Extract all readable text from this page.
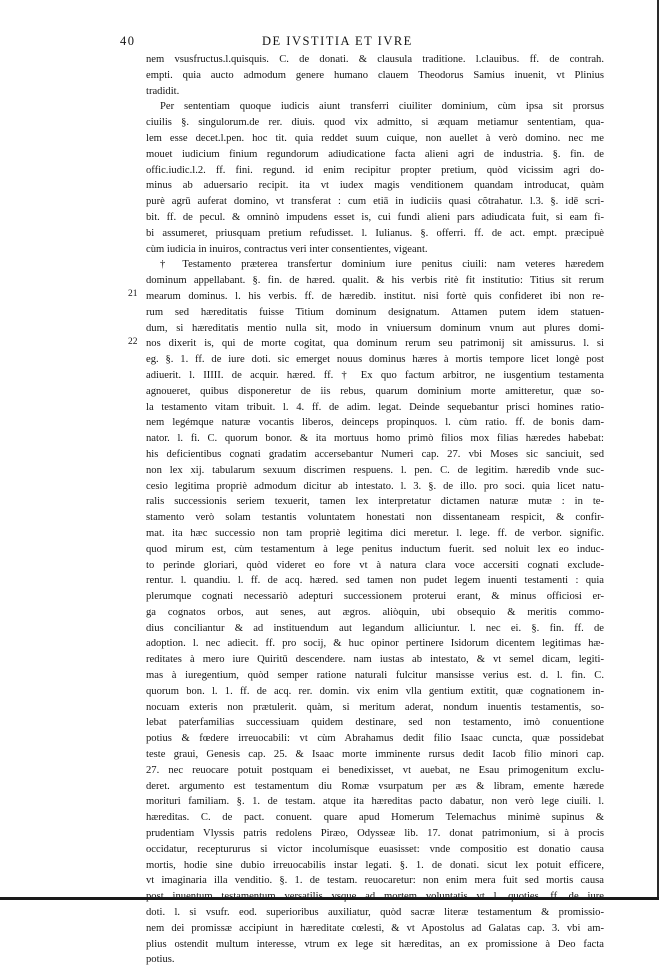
40	DE IVSTITIA ET IVRE
21
22
nem vsusfructus.l.quisquis. C. de donati. & clausula traditione. l.clauibus. ff. de contrah.
empti. quia aucto admodum genere humano clauem Theodorus Samius inuenit, vt Plinius
tradidit.
Per sententiam quoque iudicis aiunt transferri ciuiliter dominium, cùm ipsa sit prorsus
ciuilis §. singulorum.de rer. diuis. quod vix admitto, si æquam metiamur sententiam, qua-
lem esse decet.l.pen. hoc tit. quia reddet suum cuique, non auellet à verò domino. nec me
mouet iudicium finium regundorum adiudicatione facta alieni agri de industria. §. fin. de
offic.iudic.l.2. ff. fini. regund. id enim recipitur propter pretium, quòd vicissim agri do-
minus ab aduersario recipit. ita vt iudex magis venditionem quandam introducat, quàm
purè agrū auferat domino, vt transferat : cum etiā in iudiciis quasi cõtrahatur. l.3. §. idē scri-
bit. ff. de pecul. & omninò impudens esset is, cui fundi alieni pars adiudicata fuit, si eam fi-
bi assumeret, priusquam pretium refudisset. l. Iulianus. §. offerri. ff. de act. empt. præcipuè
cùm iudicia in inuiros, contractus veri inter consentientes, vigeant.
† Testamento præterea transfertur dominium iure penitus ciuili: nam veteres hæredem
dominum appellabant. §. fin. de hæred. qualit. & his verbis ritè fit institutio: Titius sit rerum
mearum dominus. l. his verbis. ff. de hæredib. institut. nisi fortè quis confideret ibi non re-
rum sed hæreditatis fuisse Titium dominum designatum. Attamen putem idem statuen-
dum, si hæreditatis mentio nulla sit, modo in vniuersum dominum vnum aut plures domi-
nos dixerit is, qui de morte cogitat, qua dominum rerum seu patrimonij sit amissurus. l. si
eg. §. 1. ff. de iure doti. sic emerget nouus dominus hæres à mortis tempore licet longè post
adiuerit. l. IIIII. de acquir. hæred. ff. † Ex quo factum arbitror, ne iusgentium testamenta
agnoueret, quibus disponeretur de iis rebus, quarum dominium morte amitteretur, quæ so-
la testamento vitam tribuit. l. 4. ff. de adim. legat. Deinde sequebantur prisci homines ratio-
nem legémque naturæ vocantis liberos, deinceps propinquos. l. cùm ratio. ff. de bonis dam-
nator. l. fi. C. quorum bonor. & ita mortuus homo primò filios mox filias hæredes habebat:
his deficientibus cognati gradatim accersebantur Numeri cap. 27. vbi Moses sic sanciuit, sed
non lex xij. tabularum sexuum discrimen respuens. l. pen. C. de legitim. hæredib vnde suc-
cesio legitima propriè admodum dicitur ab intestato. l. 3. §. de illo. pro soci. quia licet natu-
ralis successionis seriem texuerit, tamen lex interpretatur dictamen naturæ mutæ : in te-
stamento verò solam testantis voluntatem honestati non dissentaneam respicit, & confir-
mat. ita hæc successio non tam propriè legitima dici meretur. l. lege. ff. de verbor. signific.
quod mirum est, cùm testamentum à lege penitus inductum fuerit. sed noluit lex eo induc-
to perinde gloriari, quòd videret eo fore vt à natura clara voce accersiti cognati exclude-
rentur. l. quandiu. l. ff. de acq. hæred. sed tamen non pudet legem inuenti testamenti : quia
plerumque cognati necessariò adepturi successionem proterui erant, & minus officiosi er-
ga cognatos orbos, aut senes, aut ægros. aliòquin, ubi obsequio & meritis commo-
dius conciliantur & ad instituendum aut legandum alliciuntur. l. nec ei. §. fin. ff. de
adoption. l. nec adiecit. ff. pro socij, & huc opinor pertinere Isidorum dicentem legitimas hæ-
reditates à mero iure Quiritū descendere. nam iustas ab intestato, & vt semel dicam, legiti-
mas à iuregentium, quòd semper ratione naturali fulcitur mansisse verius est. d. l. fin. C.
quorum bon. l. 1. ff. de acq. rer. domin. vix enim vlla gentium extitit, quæ cognationem in-
nocuam exteris non prætulerit. quàm, si meritum aderat, nondum inuentis testamentis, so-
lebat paterfamilias successiuam quidem destinare, sed non testamento, imò conuentione
potius & fœdere irreuocabili: vt cùm Abrahamus dedit filio Isaac cuncta, quæ possidebat
teste graui, Genesis cap. 25. & Isaac morte imminente rursus dedit Iacob filio minori cap.
27. nec reuocare potuit postquam ei benedixisset, vt auebat, ne Esau primogenitum exclu-
deret. argumento est testamentum diu Romæ vsurpatum per æs & libram, emente hærede
morituri familiam. §. 1. de testam. atque ita hæreditas pacto dabatur, non verò lege ciuili. l.
hæreditas. C. de pact. conuent. quare apud Homerum Telemachus minimè supinus &
prudentiam Vlyssis patris redolens Piræo, Odysseæ lib. 17. donat patrimonium, si à procis
occidatur, receptururus si victor incolumísque euasisset: vnde compositio est donatio causa
mortis, hodie sine dubio irreuocabilis instar legati. §. 1. de donati. sicut lex potuit efficere,
vt imaginaria illa venditio. §. 1. de testam. reuocaretur: non enim mera fuit sed mortis causa
doti. l. si vsufr. eod. superioribus auxiliatur, quòd sacræ literæ testamentum & promissio-
nem dei promissæ accipiunt in hæreditate cœlesti, & vt Apostolus ad Galatas cap. 3. vbi am-
plius ostendit multum interesse, vtrum ex lege sit hæreditas, an ex promissione à Deo facta
potius.
